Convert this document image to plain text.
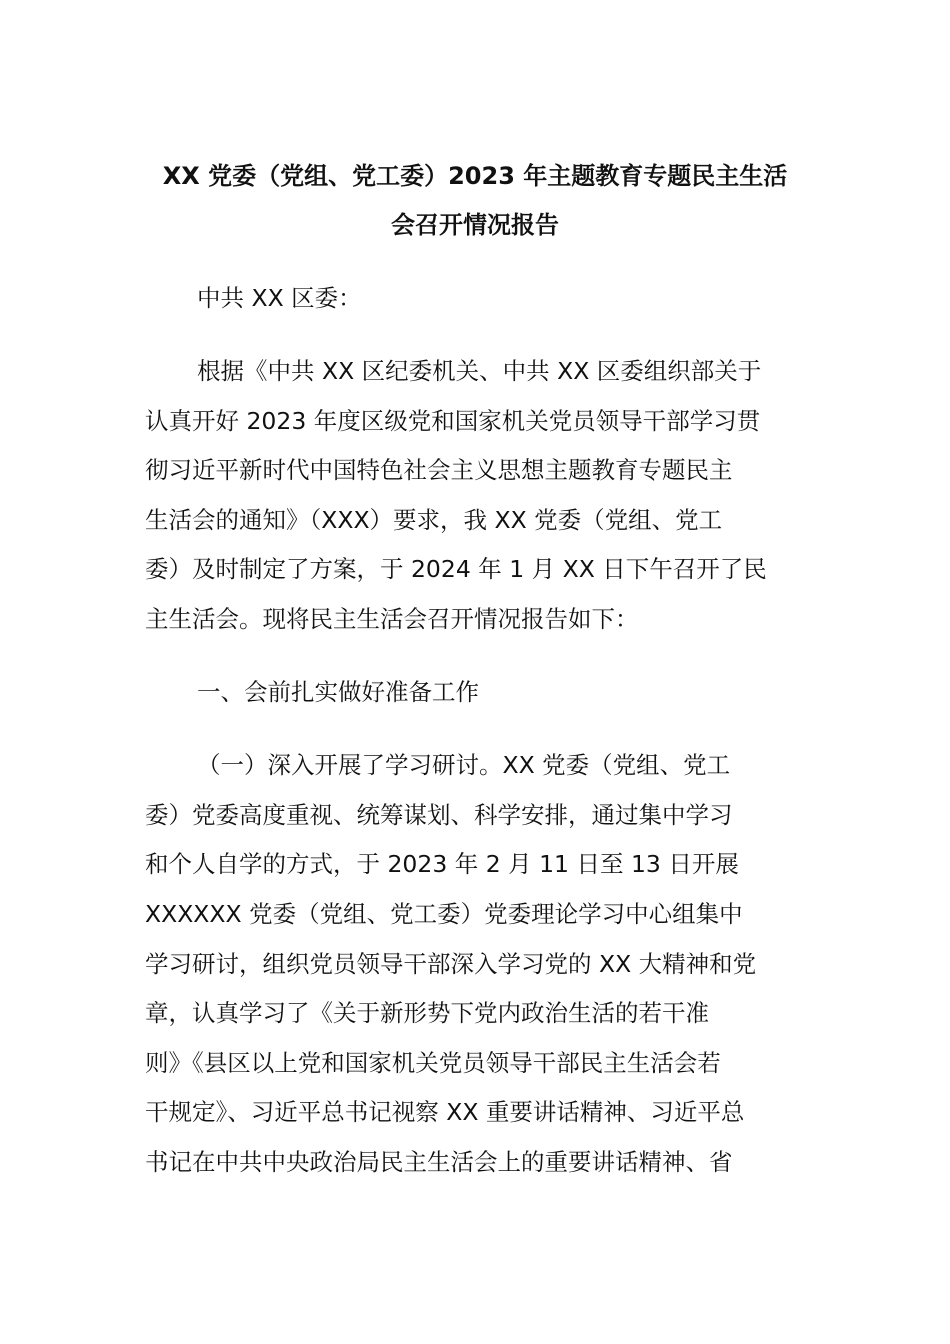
XX 党委（党组、党工委）2023 年主题教育专题民主生活
会召开情况报告
中共 XX 区委：
根据《中共 XX 区纪委机关、中共 XX 区委组织部关于
认真开好 2023 年度区级党和国家机关党员领导干部学习贯
彻习近平新时代中国特色社会主义思想主题教育专题民主
生活会的通知》（XXX）要求，我 XX 党委（党组、党工
委）及时制定了方案，于 2024 年 1 月 XX 日下午召开了民
主生活会。现将民主生活会召开情况报告如下：
一、会前扎实做好准备工作
（一）深入开展了学习研讨。XX 党委（党组、党工
委）党委高度重视、统筹谋划、科学安排，通过集中学习
和个人自学的方式，于 2023 年 2 月 11 日至 13 日开展
XXXXXX 党委（党组、党工委）党委理论学习中心组集中
学习研讨，组织党员领导干部深入学习党的 XX 大精神和党
章，认真学习了《关于新形势下党内政治生活的若干准
则》《县区以上党和国家机关党员领导干部民主生活会若
干规定》、习近平总书记视察 XX 重要讲话精神、习近平总
书记在中共中央政治局民主生活会上的重要讲话精神、省
